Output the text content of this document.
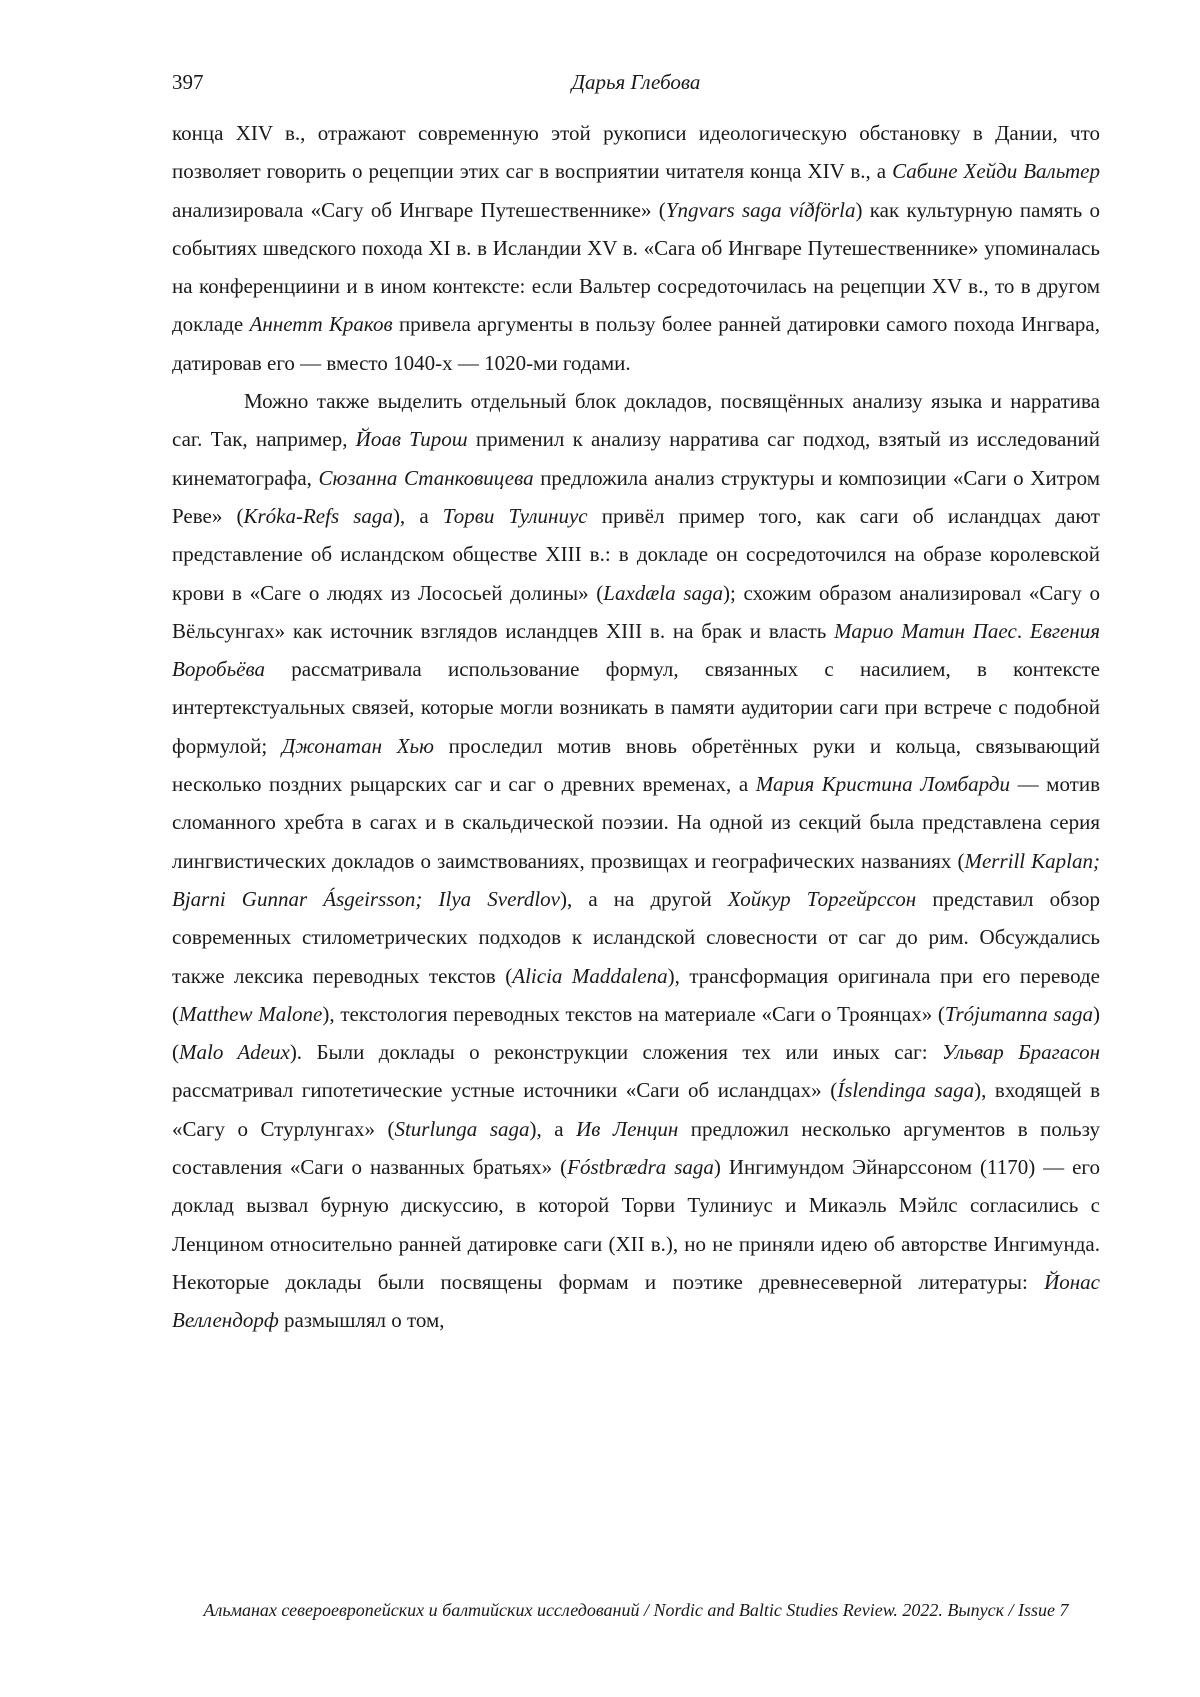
397	Дарья Глебова

конца XIV в., отражают современную этой рукописи идеологическую обстановку в Дании, что позволяет говорить о рецепции этих саг в восприятии читателя конца XIV в., а Сабине Хейди Вальтер анализировала «Сагу об Ингваре Путешественнике» (Yngvars saga víðförla) как культурную память о событиях шведского похода XI в. в Исландии XV в. «Сага об Ингваре Путешественнике» упоминалась на конференциини и в ином контексте: если Вальтер сосредоточилась на рецепции XV в., то в другом докладе Аннетт Краков привела аргументы в пользу более ранней датировки самого похода Ингвара, датировав его — вместо 1040-х — 1020-ми годами.

Можно также выделить отдельный блок докладов, посвящённых анализу языка и нарратива саг. Так, например, Йоав Тирош применил к анализу нарратива саг подход, взятый из исследований кинематографа, Сюзанна Станковицева предложила анализ структуры и композиции «Саги о Хитром Реве» (Króka-Refs saga), а Торви Тулиниус привёл пример того, как саги об исландцах дают представление об исландском обществе XIII в.: в докладе он сосредоточился на образе королевской крови в «Саге о людях из Лососьей долины» (Laxdæla saga); схожим образом анализировал «Сагу о Вёльсунгах» как источник взглядов исландцев XIII в. на брак и власть Марио Матин Паес. Евгения Воробьёва рассматривала использование формул, связанных с насилием, в контексте интертекстуальных связей, которые могли возникать в памяти аудитории саги при встрече с подобной формулой; Джонатан Хью проследил мотив вновь обретённых руки и кольца, связывающий несколько поздних рыцарских саг и саг о древних временах, а Мария Кристина Ломбарди — мотив сломанного хребта в сагах и в скальдической поэзии. На одной из секций была представлена серия лингвистических докладов о заимствованиях, прозвищах и географических названиях (Merrill Kaplan; Bjarni Gunnar Ásgeirsson; Ilya Sverdlov), а на другой Хойкур Торгейрссон представил обзор современных стилометрических подходов к исландской словесности от саг до рим. Обсуждались также лексика переводных текстов (Alicia Maddalena), трансформация оригинала при его переводе (Matthew Malone), текстология переводных текстов на материале «Саги о Троянцах» (Trójumanna saga) (Malo Adeux). Были доклады о реконструкции сложения тех или иных саг: Ульвар Брагасон рассматривал гипотетические устные источники «Саги об исландцах» (Íslendinga saga), входящей в «Сагу о Стурлунгах» (Sturlunga saga), а Ив Ленцин предложил несколько аргументов в пользу составления «Саги о названных братьях» (Fóstbrædra saga) Ингимундом Эйнарссоном (1170) — его доклад вызвал бурную дискуссию, в которой Торви Тулиниус и Микаэль Мэйлс согласились с Ленцином относительно ранней датировке саги (XII в.), но не приняли идею об авторстве Ингимунда. Некоторые доклады были посвящены формам и поэтике древнесеверной литературы: Йонас Веллендорф размышлял о том,

Альманах североевропейских и балтийских исследований / Nordic and Baltic Studies Review. 2022. Выпуск / Issue 7
